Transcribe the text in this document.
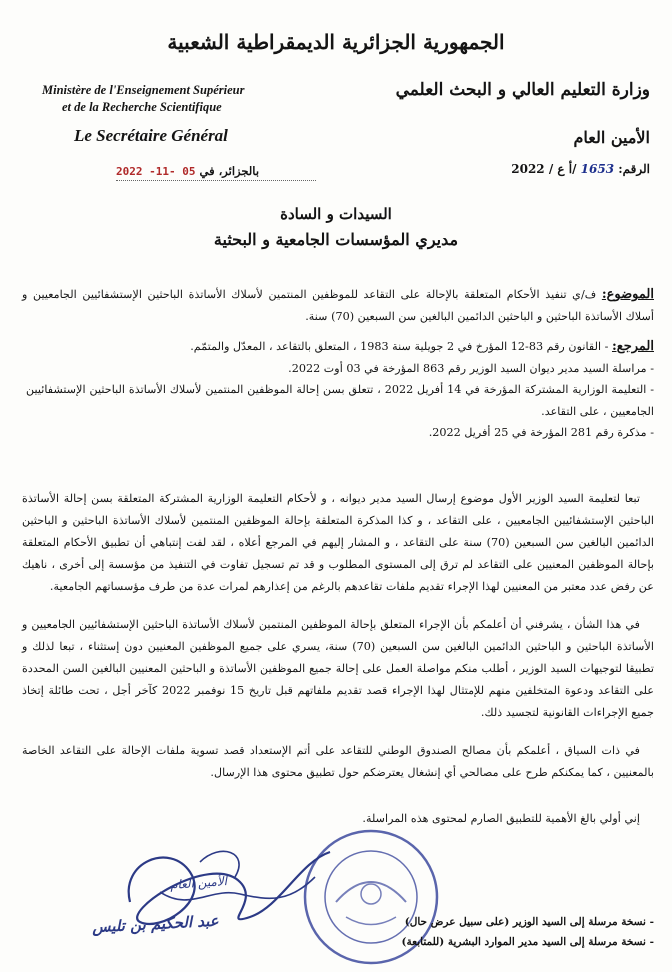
الجمهورية الجزائرية الديمقراطية الشعبية
Ministère de l'Enseignement Supérieur
et de la Recherche Scientifique
Le Secrétaire Général
وزارة التعليم العالي و البحث العلمي
الأمين العام
الرقم: 1653 /أ ع / 2022
2022 -11- 05 بالجزائر، في
السيدات و السادة
مديري المؤسسات الجامعية و البحثية
الموضوع: ف/ي تنفيذ الأحكام المتعلقة بالإحالة على التقاعد للموظفين المنتمين لأسلاك الأساتذة الباحثين الإستشفائيين الجامعيين و أسلاك الأساتذة الباحثين و الباحثين الدائمين البالغين سن السبعين (70) سنة.
المرجع: - القانون رقم 83-12 المؤرخ في 2 جويلية سنة 1983 ، المتعلق بالتقاعد ، المعدّل والمتمّم.
- مراسلة السيد مدير ديوان السيد الوزير رقم 863 المؤرخة في 03 أوت 2022.
- التعليمة الوزارية المشتركة المؤرخة في 14 أفريل 2022 ، تتعلق بسن إحالة الموظفين المنتمين لأسلاك الأساتذة الباحثين الإستشفائيين الجامعيين ، على التقاعد.
- مذكرة رقم 281 المؤرخة في 25 أفريل 2022.
تبعا لتعليمة السيد الوزير الأول موضوع إرسال السيد مدير ديوانه ، و لأحكام التعليمة الوزارية المشتركة المتعلقة بسن إحالة الأساتذة الباحثين الإستشفائيين الجامعيين ، على التقاعد ، و كذا المذكرة المتعلقة بإحالة الموظفين المنتمين لأسلاك الأساتذة الباحثين و الباحثين الدائمين البالغين سن السبعين (70) سنة على التقاعد ، و المشار إليهم في المرجع أعلاه ، لقد لفت إنتباهي أن تطبيق الأحكام المتعلقة بإحالة الموظفين المعنيين على التقاعد لم ترق إلى المستوى المطلوب و قد تم تسجيل تفاوت في التنفيذ من مؤسسة إلى أخرى ، ناهيك عن رفض عدد معتبر من المعنيين لهذا الإجراء تقديم ملفات تقاعدهم بالرغم من إعذارهم لمرات عدة من طرف مؤسساتهم الجامعية.
في هذا الشأن ، يشرفني أن أعلمكم بأن الإجراء المتعلق بإحالة الموظفين المنتمين لأسلاك الأساتذة الباحثين الإستشفائيين الجامعيين و الأساتذة الباحثين و الباحثين الدائمين البالغين سن السبعين (70) سنة، يسري على جميع الموظفين المعنيين دون إستثناء ، تبعا لذلك و تطبيقا لتوجيهات السيد الوزير ، أطلب منكم مواصلة العمل على إحالة جميع الموظفين الأساتذة و الباحثين المعنيين البالغين السن المحددة على التقاعد ودعوة المتخلفين منهم للإمتثال لهذا الإجراء قصد تقديم ملفاتهم قبل تاريخ 15 نوفمبر 2022 كآخر أجل ، تحت طائلة إتخاذ جميع الإجراءات القانونية لتجسيد ذلك.
في ذات السياق ، أعلمكم بأن مصالح الصندوق الوطني للتقاعد على أتم الإستعداد قصد تسوية ملفات الإحالة على التقاعد الخاصة بالمعنيين ، كما يمكنكم طرح على مصالحي أي إنشغال يعترضكم حول تطبيق محتوى هذا الإرسال.
إني أولي بالغ الأهمية للتطبيق الصارم لمحتوى هذه المراسلة.
الأمين العام
عبد الحكيم بن تليس	- نسخة مرسلة إلى السيد الوزير (على سبيل عرض حال)
- نسخة مرسلة إلى السيد مدير الموارد البشرية (للمتابعة)
